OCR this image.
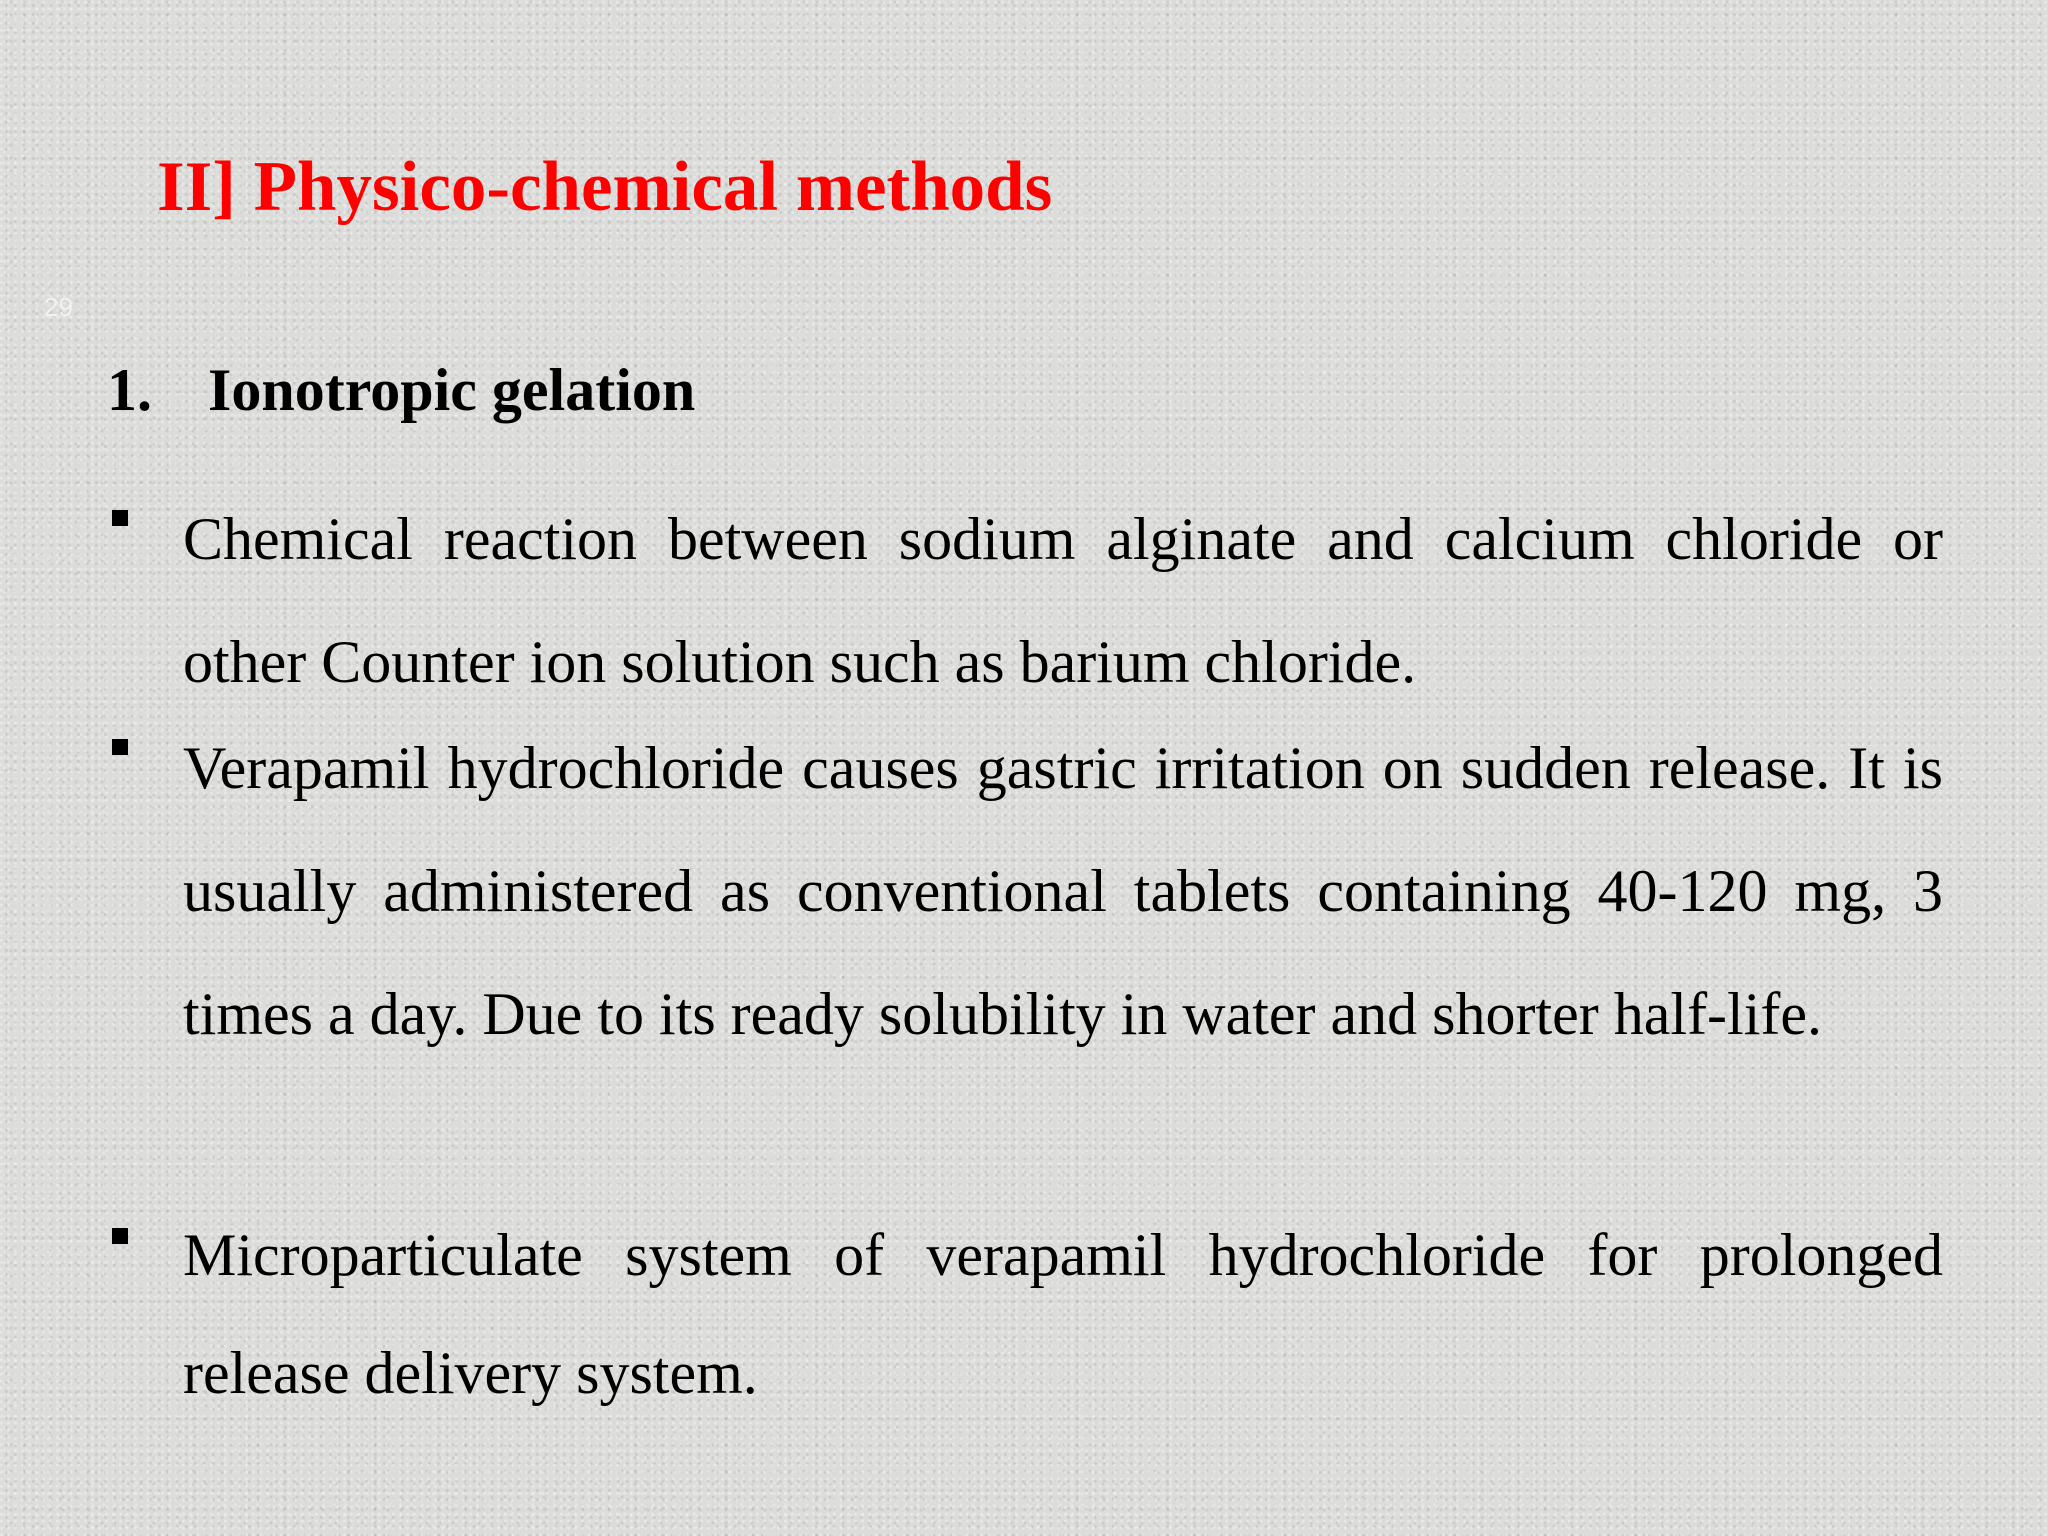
II] Physico-chemical methods
29
1. Ionotropic gelation

Chemical reaction between sodium alginate and calcium chloride or other Counter ion solution such as barium chloride.

Verapamil hydrochloride causes gastric irritation on sudden release. It is usually administered as conventional tablets containing 40-120 mg, 3 times a day. Due to its ready solubility in water and shorter half-life.

Microparticulate system of verapamil hydrochloride for prolonged release delivery system.
